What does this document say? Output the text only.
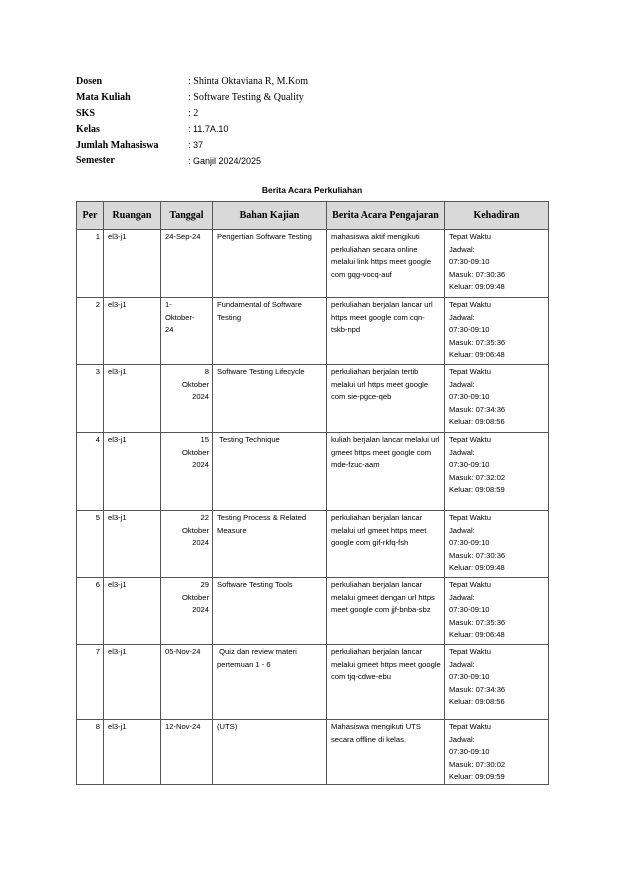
Dosen	: Shinta Oktaviana R, M.Kom
Mata Kuliah	: Software Testing & Quality
SKS	: 2
Kelas	: 11.7A.10
Jumlah Mahasiswa	: 37
Semester	: Ganjil 2024/2025
Berita Acara Perkuliahan
Per	Ruangan	Tanggal	Bahan Kajian	Berita Acara Pengajaran	Kehadiran
1	el3-j1	24-Sep-24	Pengertian Software Testing	mahasiswa aktif mengikuti perkuliahan secara online melalui link https meet google com gqg-vocq-auf	Tepat Waktu
Jadwal:
07:30-09:10
Masuk: 07:30:36
Keluar: 09:09:48
2	el3-j1	1-
Oktober-
24	Fundamental of Software Testing	perkuliahan berjalan lancar url https meet google com cqn-tskb-npd	Tepat Waktu
Jadwal:
07:30-09:10
Masuk: 07:35:36
Keluar: 09:06:48
3	el3-j1	8
Oktober
2024	Software Testing Lifecycle	perkuliahan berjalan tertib melalui url https meet google com sie-pgce-qeb	Tepat Waktu
Jadwal:
07:30-09:10
Masuk: 07:34:36
Keluar: 09:08:56
4	el3-j1	15
Oktober
2024	Testing Technique	kuliah berjalan lancar melalui url gmeet https meet google com mde-fzuc-aam	Tepat Waktu
Jadwal:
07:30-09:10
Masuk: 07:32:02
Keluar: 09:08:59
5	el3-j1	22
Oktober
2024	Testing Process & Related Measure	perkuliahan berjalan lancar melalui url gmeet https meet google com gif-rkfq-fsh	Tepat Waktu
Jadwal:
07:30-09:10
Masuk: 07:30:36
Keluar: 09:09:48
6	el3-j1	29
Oktober
2024	Software Testing Tools	perkuliahan berjalan lancar melalui gmeet dengan url https meet google com jjf-bnba-sbz	Tepat Waktu
Jadwal:
07:30-09:10
Masuk: 07:35:36
Keluar: 09:06:48
7	el3-j1	05-Nov-24	Quiz dan review materi pertemuan 1 - 6	perkuliahan berjalan lancar melalui gmeet https meet google com tjq-cdwe-ebu	Tepat Waktu
Jadwal:
07:30-09:10
Masuk: 07:34:36
Keluar: 09:08:56
8	el3-j1	12-Nov-24	(UTS)	Mahasiswa mengikuti UTS secara offline di kelas.	Tepat Waktu
Jadwal:
07:30-09:10
Masuk: 07:30:02
Keluar: 09:09:59
